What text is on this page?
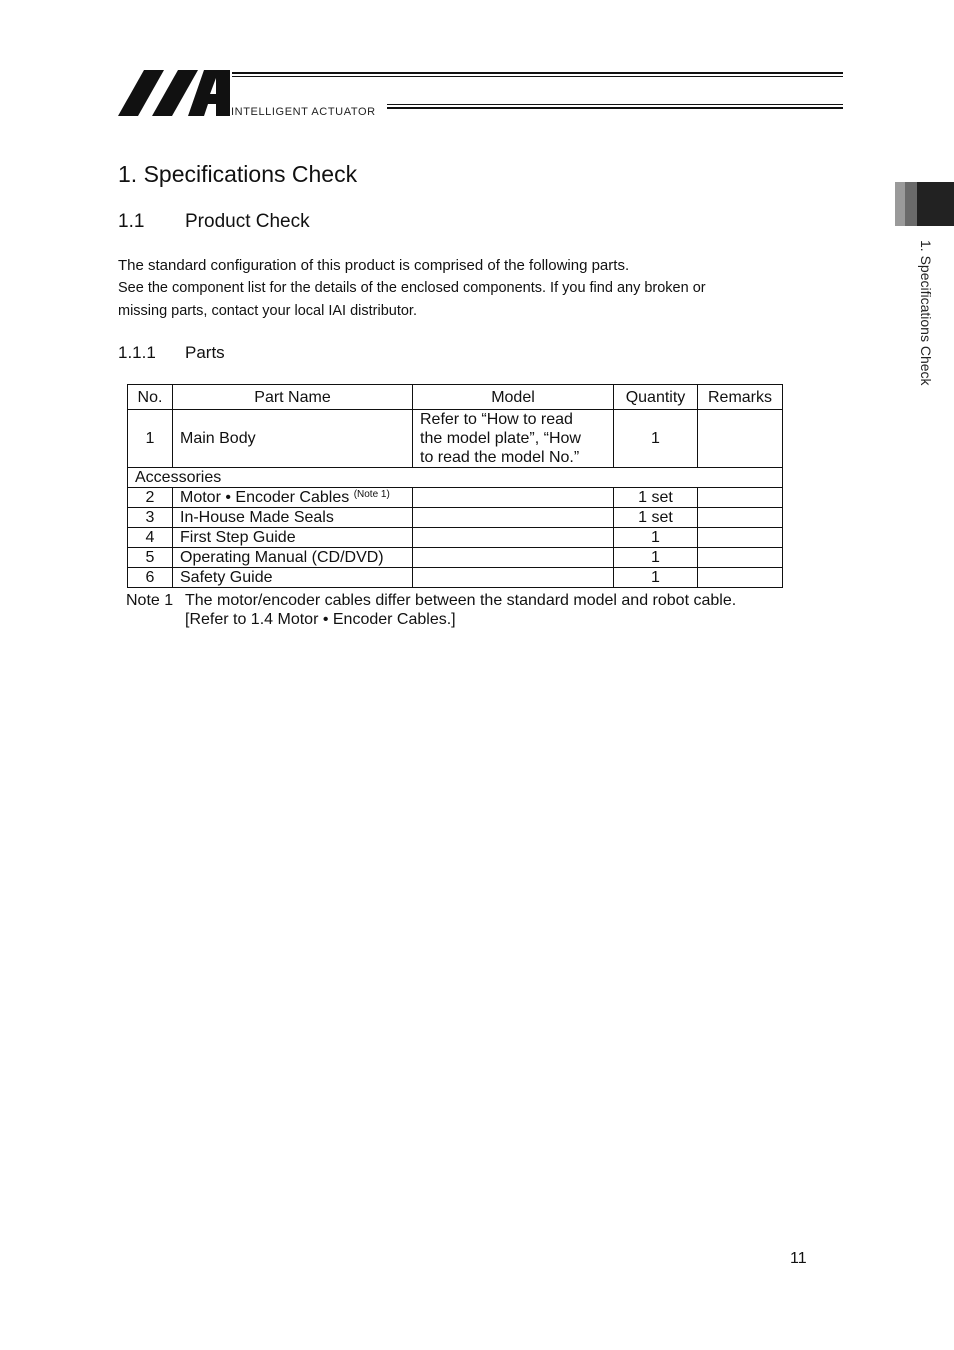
INTELLIGENT ACTUATOR
1. Specifications Check
1. Specifications Check
1.1 Product Check
The standard configuration of this product is comprised of the following parts.
See the component list for the details of the enclosed components. If you find any broken or
missing parts, contact your local IAI distributor.
1.1.1 Parts
No.	Part Name	Model	Quantity	Remarks
1	Main Body	Refer to “How to read
the model plate”, “How
to read the model No.”	1	
Accessories				
2	Motor • Encoder Cables $^{(Note 1)}$		1 set	
3	In-House Made Seals		1 set	
4	First Step Guide		1	
5	Operating Manual (CD/DVD)		1	
6	Safety Guide		1	
Note 1 The motor/encoder cables differ between the standard model and robot cable.
[Refer to 1.4 Motor • Encoder Cables.]
11
